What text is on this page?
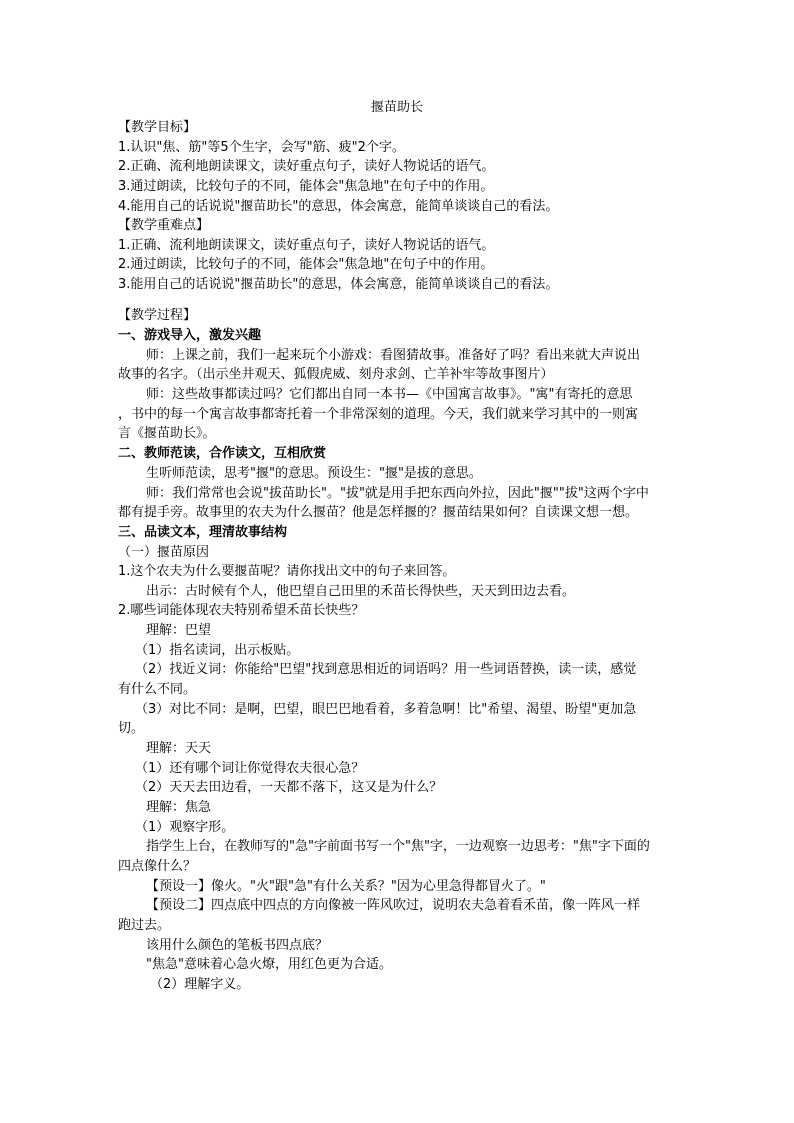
揠苗助长
【教学目标】
1.认识"焦、筋"等5个生字，会写"筋、疲"2个字。
2.正确、流利地朗读课文，读好重点句子，读好人物说话的语气。
3.通过朗读，比较句子的不同，能体会"焦急地"在句子中的作用。
4.能用自己的话说说"揠苗助长"的意思，体会寓意，能简单谈谈自己的看法。
【教学重难点】
1.正确、流利地朗读课文，读好重点句子，读好人物说话的语气。
2.通过朗读，比较句子的不同，能体会"焦急地"在句子中的作用。
3.能用自己的话说说"揠苗助长"的意思，体会寓意，能简单谈谈自己的看法。
【教学过程】
一、游戏导入，激发兴趣
师：上课之前，我们一起来玩个小游戏：看图猜故事。准备好了吗？看出来就大声说出
故事的名字。（出示坐井观天、狐假虎威、刻舟求剑、亡羊补牢等故事图片）
师：这些故事都读过吗？它们都出自同一本书—《中国寓言故事》。"寓"有寄托的意思
，书中的每一个寓言故事都寄托着一个非常深刻的道理。今天，我们就来学习其中的一则寓
言《揠苗助长》。
二、教师范读，合作读文，互相欣赏
生听师范读，思考"揠"的意思。预设生："揠"是拔的意思。
师：我们常常也会说"拔苗助长"。"拔"就是用手把东西向外拉，因此"揠""拔"这两个字中
都有提手旁。故事里的农夫为什么揠苗？他是怎样揠的？揠苗结果如何？自读课文想一想。
三、品读文本，理清故事结构
（一）揠苗原因
1.这个农夫为什么要揠苗呢？请你找出文中的句子来回答。
出示：古时候有个人，他巴望自己田里的禾苗长得快些，天天到田边去看。
2.哪些词能体现农夫特别希望禾苗长快些？
理解：巴望
（1）指名读词，出示板贴。
（2）找近义词：你能给"巴望"找到意思相近的词语吗？用一些词语替换，读一读，感觉
有什么不同。
（3）对比不同：是啊，巴望，眼巴巴地看着，多着急啊！比"希望、渴望、盼望"更加急
切。
理解：天天
（1）还有哪个词让你觉得农夫很心急？
（2）天天去田边看，一天都不落下，这又是为什么？
理解：焦急
（1）观察字形。
指学生上台，在教师写的"急"字前面书写一个"焦"字，一边观察一边思考："焦"字下面的
四点像什么？
【预设一】像火。"火"跟"急"有什么关系？"因为心里急得都冒火了。"
【预设二】四点底中四点的方向像被一阵风吹过，说明农夫急着看禾苗，像一阵风一样
跑过去。
该用什么颜色的笔板书四点底？
"焦急"意味着心急火燎，用红色更为合适。
（2）理解字义。
